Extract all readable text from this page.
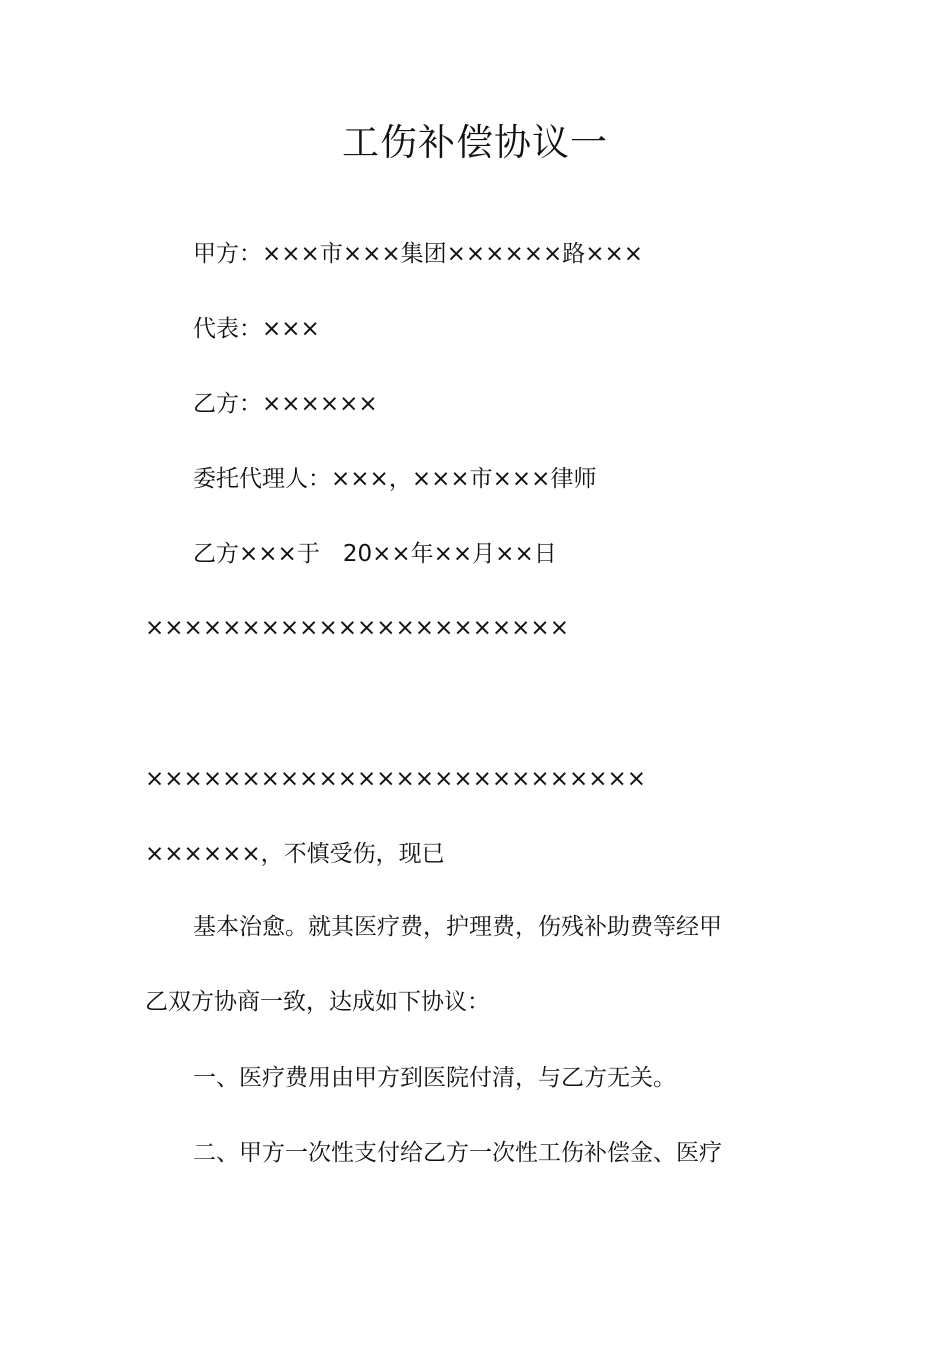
工伤补偿协议一
甲方：×××市×××集团××××××路×××
代表：×××
乙方：××××××
委托代理人：×××，×××市×××律师
乙方×××于　20××年××月××日
××××××××××××××××××××××
××××××××××××××××××××××××××
××××××，不慎受伤，现已
基本治愈。就其医疗费，护理费，伤残补助费等经甲
乙双方协商一致，达成如下协议：
一、医疗费用由甲方到医院付清，与乙方无关。
二、甲方一次性支付给乙方一次性工伤补偿金、医疗
